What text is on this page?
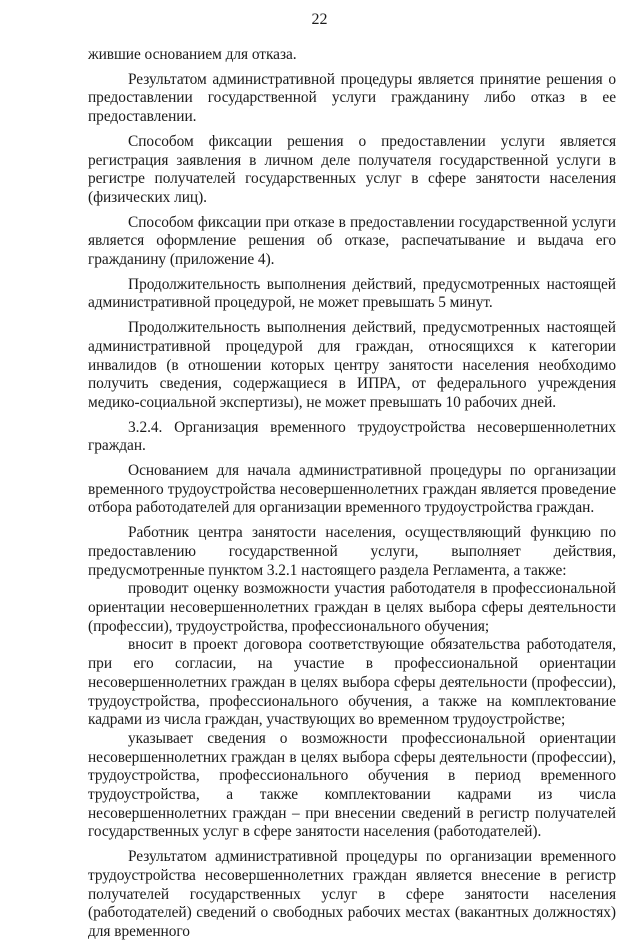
22

жившие основанием для отказа.

Результатом административной процедуры является принятие решения о предоставлении государственной услуги гражданину либо отказ в ее предоставлении.

Способом фиксации решения о предоставлении услуги является регистрация заявления в личном деле получателя государственной услуги в регистре получателей государственных услуг в сфере занятости населения (физических лиц).

Способом фиксации при отказе в предоставлении государственной услуги является оформление решения об отказе, распечатывание и выдача его гражданину (приложение 4).

Продолжительность выполнения действий, предусмотренных настоящей административной процедурой, не может превышать 5 минут.

Продолжительность выполнения действий, предусмотренных настоящей административной процедурой для граждан, относящихся к категории инвалидов (в отношении которых центру занятости населения необходимо получить сведения, содержащиеся в ИПРА, от федерального учреждения медико-социальной экспертизы), не может превышать 10 рабочих дней.

3.2.4. Организация временного трудоустройства несовершеннолетних граждан.

Основанием для начала административной процедуры по организации временного трудоустройства несовершеннолетних граждан является проведение отбора работодателей для организации временного трудоустройства граждан.

Работник центра занятости населения, осуществляющий функцию по предоставлению государственной услуги, выполняет действия, предусмотренные пунктом 3.2.1 настоящего раздела Регламента, а также:

проводит оценку возможности участия работодателя в профессиональной ориентации несовершеннолетних граждан в целях выбора сферы деятельности (профессии), трудоустройства, профессионального обучения;

вносит в проект договора соответствующие обязательства работодателя, при его согласии, на участие в профессиональной ориентации несовершеннолетних граждан в целях выбора сферы деятельности (профессии), трудоустройства, профессионального обучения, а также на комплектование кадрами из числа граждан, участвующих во временном трудоустройстве;

указывает сведения о возможности профессиональной ориентации несовершеннолетних граждан в целях выбора сферы деятельности (профессии), трудоустройства, профессионального обучения в период временного трудоустройства, а также комплектовании кадрами из числа несовершеннолетних граждан – при внесении сведений в регистр получателей государственных услуг в сфере занятости населения (работодателей).

Результатом административной процедуры по организации временного трудоустройства несовершеннолетних граждан является внесение в регистр получателей государственных услуг в сфере занятости населения (работодателей) сведений о свободных рабочих местах (вакантных должностях) для временного
